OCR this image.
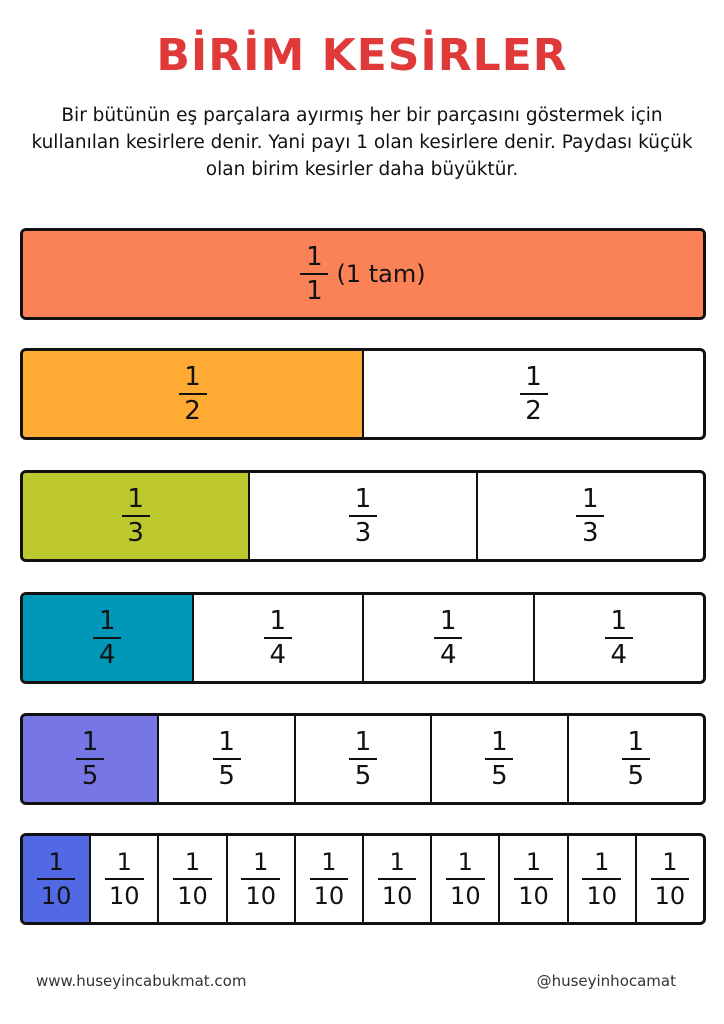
BİRİM KESİRLER
Bir bütünün eş parçalara ayırmış her bir parçasını göstermek için kullanılan kesirlere denir. Yani payı 1 olan kesirlere denir. Paydası küçük olan birim kesirler daha büyüktür.
$\frac{1}{1} (1$ tam)
$\frac{1}{2}$	$\frac{1}{2}$
$\frac{1}{3}$	$\frac{1}{3}$	$\frac{1}{3}$
$\frac{1}{4}$	$\frac{1}{4}$	$\frac{1}{4}$	$\frac{1}{4}$
$\frac{1}{5}$	$\frac{1}{5}$	$\frac{1}{5}$	$\frac{1}{5}$	$\frac{1}{5}$
$\frac{1}{10} \frac{1}{10} \frac{1}{10} \frac{1}{10} \frac{1}{10} \frac{1}{10} \frac{1}{10} \frac{1}{10} \frac{1}{10} \frac{1}{10}$
www.huseyincabukmat.com	@huseyinhocamat
